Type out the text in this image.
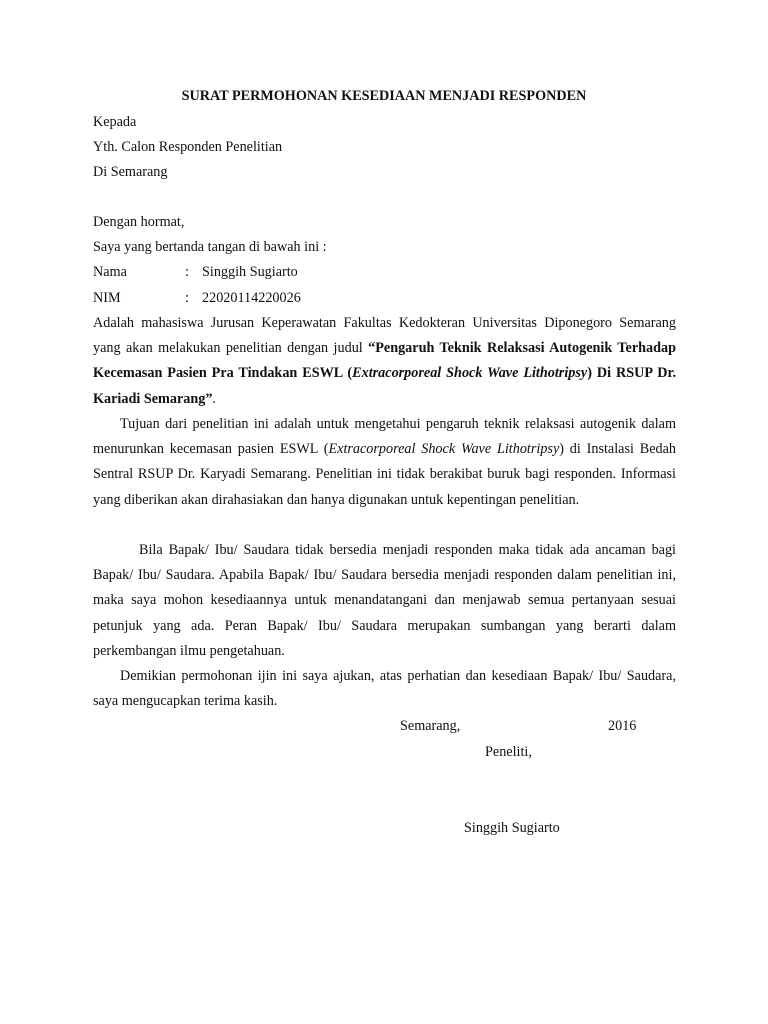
SURAT PERMOHONAN KESEDIAAN MENJADI RESPONDEN
Kepada
Yth. Calon Responden Penelitian
Di Semarang
Dengan hormat,
Saya yang bertanda tangan di bawah ini :
Nama	: Singgih Sugiarto
NIM	: 22020114220026
Adalah mahasiswa Jurusan Keperawatan Fakultas Kedokteran Universitas Diponegoro Semarang yang akan melakukan penelitian dengan judul “Pengaruh Teknik Relaksasi Autogenik Terhadap Kecemasan Pasien Pra Tindakan ESWL (Extracorporeal Shock Wave Lithotripsy) Di RSUP Dr. Kariadi Semarang”.
Tujuan dari penelitian ini adalah untuk mengetahui pengaruh teknik relaksasi autogenik dalam menurunkan kecemasan pasien ESWL (Extracorporeal Shock Wave Lithotripsy) di Instalasi Bedah Sentral RSUP Dr. Karyadi Semarang. Penelitian ini tidak berakibat buruk bagi responden. Informasi yang diberikan akan dirahasiakan dan hanya digunakan untuk kepentingan penelitian.
Bila Bapak/ Ibu/ Saudara tidak bersedia menjadi responden maka tidak ada ancaman bagi Bapak/ Ibu/ Saudara. Apabila Bapak/ Ibu/ Saudara bersedia menjadi responden dalam penelitian ini, maka saya mohon kesediaannya untuk menandatangani dan menjawab semua pertanyaan sesuai petunjuk yang ada. Peran Bapak/ Ibu/ Saudara merupakan sumbangan yang berarti dalam perkembangan ilmu pengetahuan.
Demikian permohonan ijin ini saya ajukan, atas perhatian dan kesediaan Bapak/ Ibu/ Saudara, saya mengucapkan terima kasih.
Semarang,	2016
Peneliti,
Singgih Sugiarto
